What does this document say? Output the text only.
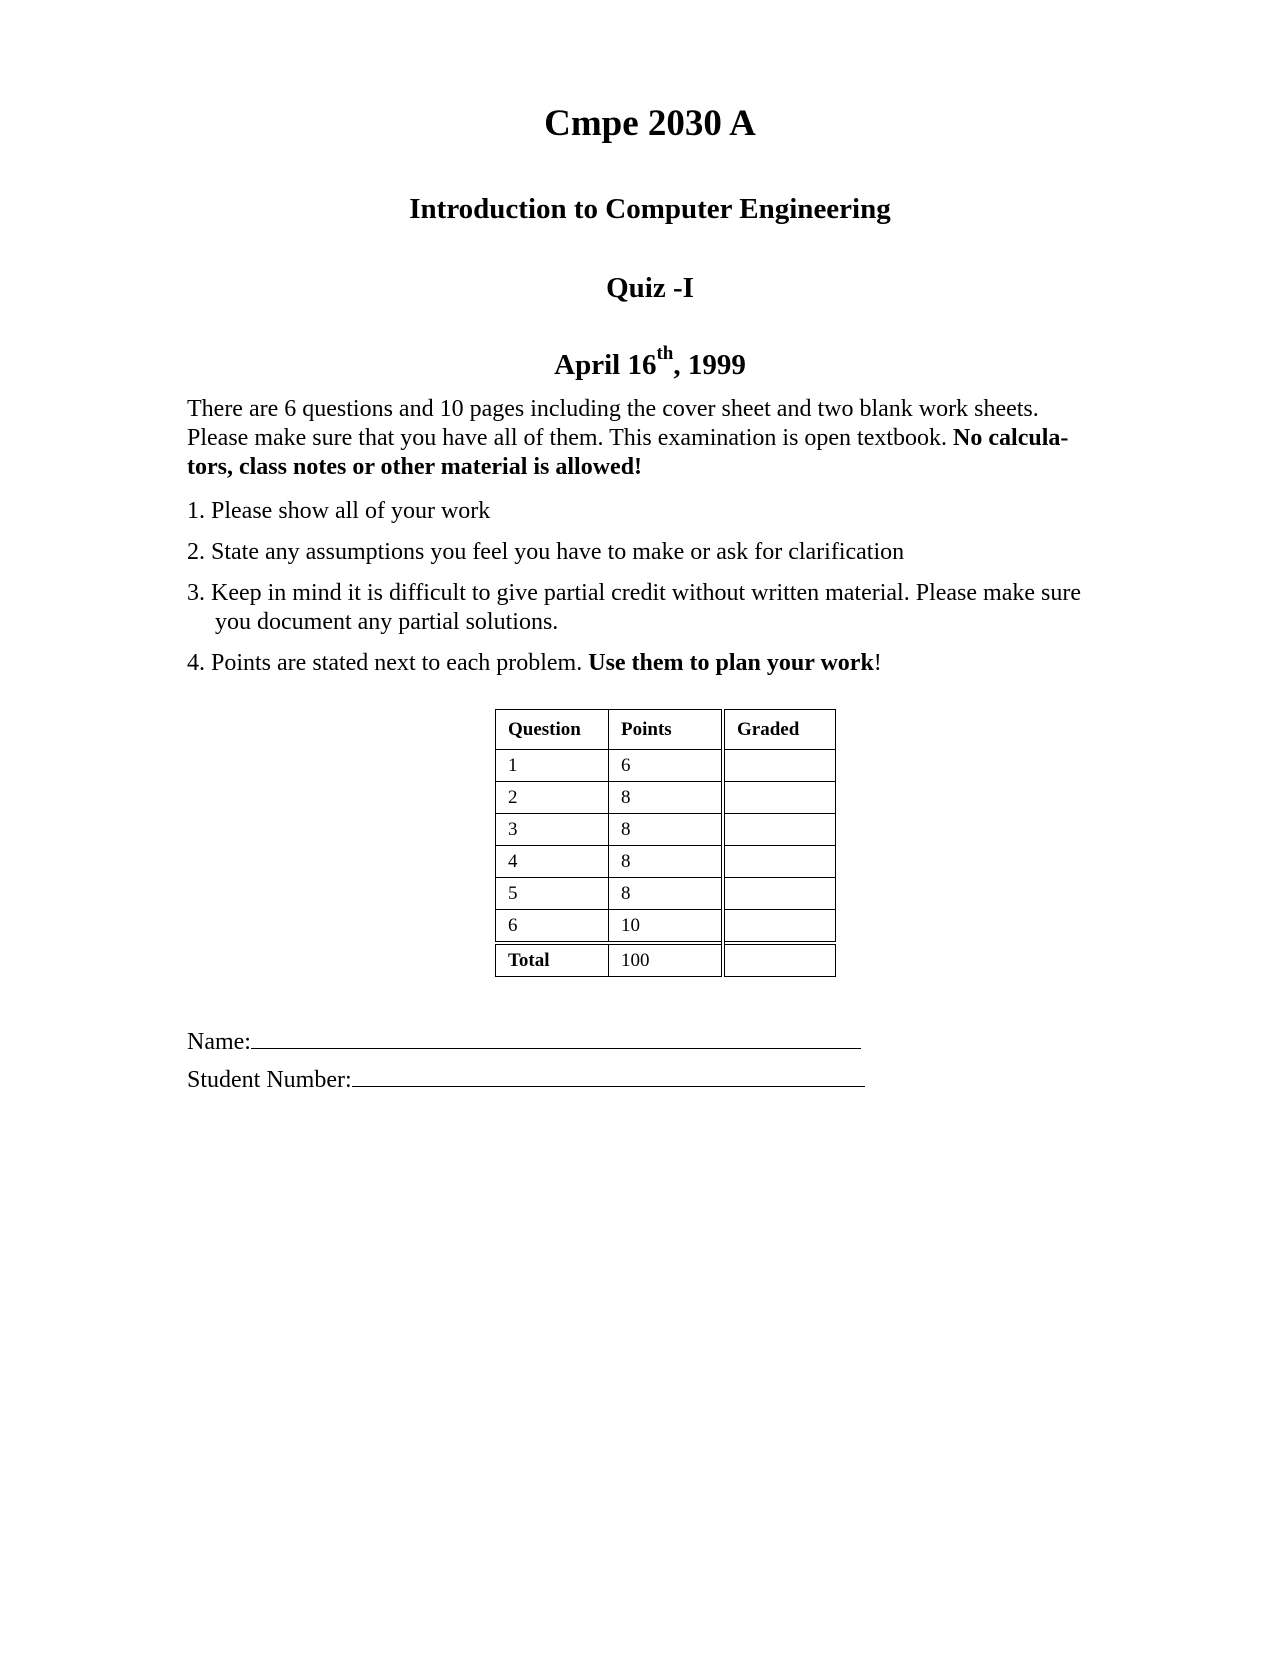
Cmpe 2030 A
Introduction to Computer Engineering
Quiz -I
April 16th, 1999

There are 6 questions and 10 pages including the cover sheet and two blank work sheets.
Please make sure that you have all of them. This examination is open textbook. No calcula-
tors, class notes or other material is allowed!

1. Please show all of your work
2. State any assumptions you feel you have to make or ask for clarification
3. Keep in mind it is difficult to give partial credit without written material. Please make sure
you document any partial solutions.
4. Points are stated next to each problem. Use them to plan your work!
Question	Points	Graded
1	6	
2	8	
3	8	
4	8	
5	8	
6	10	
Total	100	
Name:
Student Number:
